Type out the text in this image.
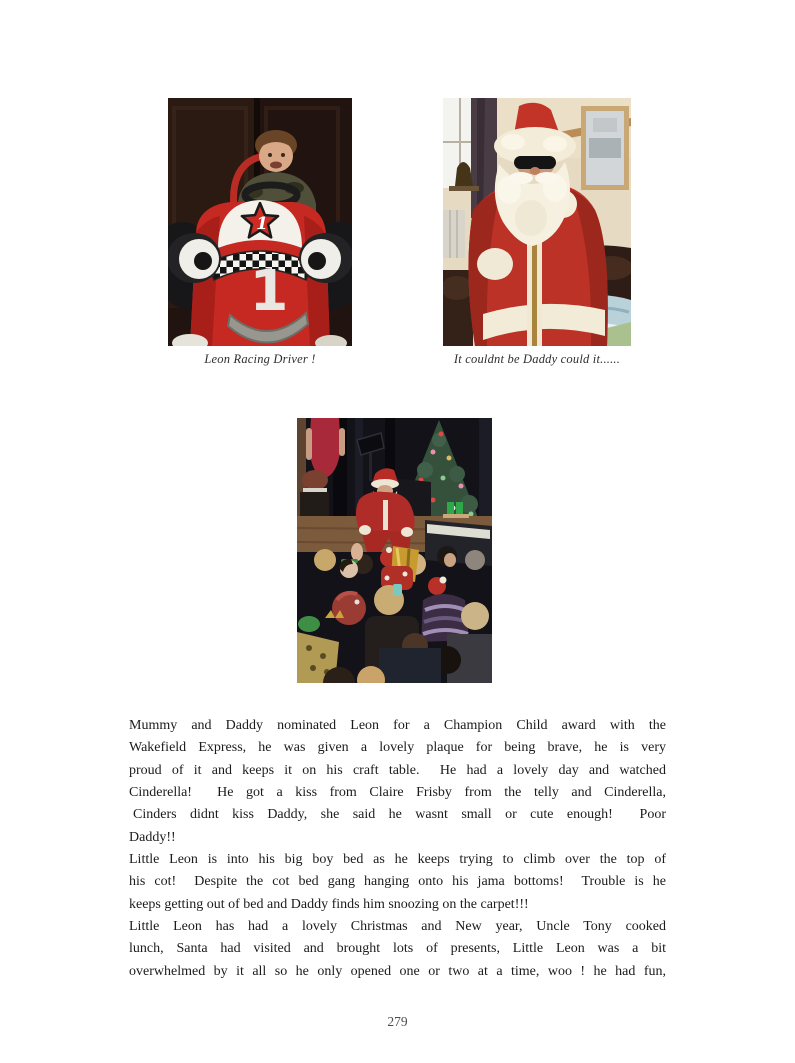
1
1
Leon Racing Driver !	It couldnt be Daddy could it......
Mummy and Daddy nominated Leon for a Champion Child award with the
Wakefield Express, he was given a lovely plaque for being brave, he is very
proud of it and keeps it on his craft table.  He had a lovely day and watched
Cinderella!  He got a kiss from Claire Frisby from the telly and Cinderella,
Cinders didnt kiss Daddy, she said he wasnt small or cute enough!  Poor
Daddy!!
Little Leon is into his big boy bed as he keeps trying to climb over the top of
his cot!  Despite the cot bed gang hanging onto his jama bottoms!  Trouble is he
keeps getting out of bed and Daddy finds him snoozing on the carpet!!!
Little Leon has had a lovely Christmas and New year, Uncle Tony cooked
lunch, Santa had visited and brought lots of presents, Little Leon was a bit
overwhelmed by it all so he only opened one or two at a time, woo ! he had fun,
279
